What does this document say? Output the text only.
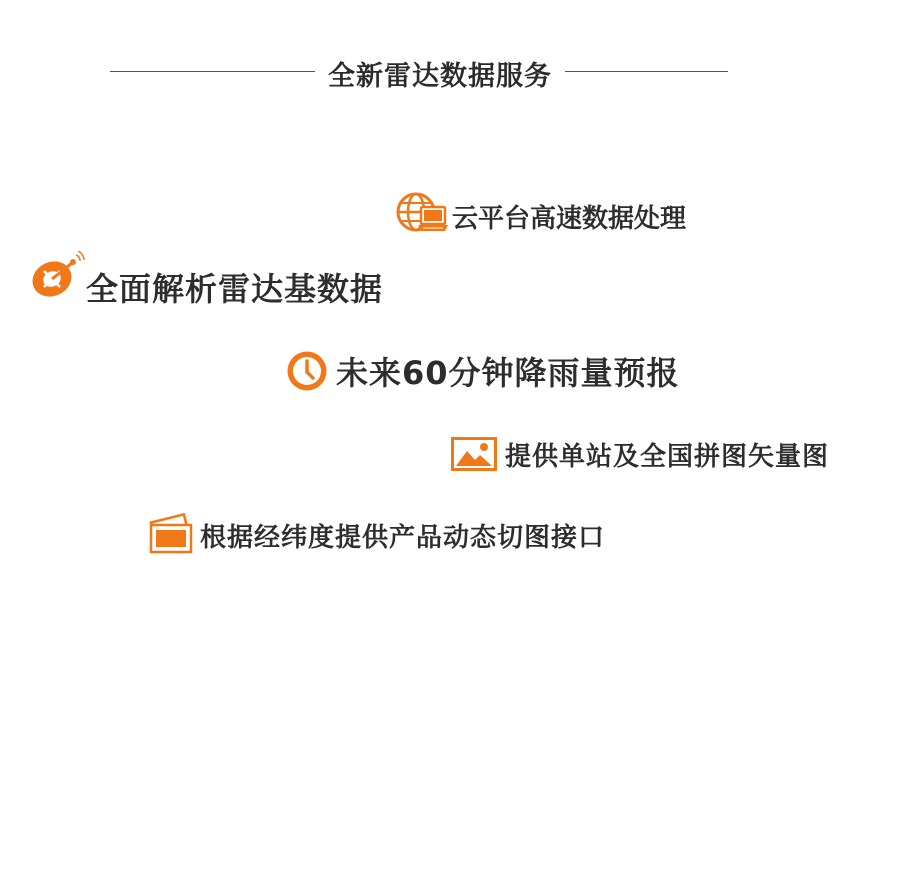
全新雷达数据服务
云平台高速数据处理
全面解析雷达基数据
未来60分钟降雨量预报
提供单站及全国拼图矢量图
根据经纬度提供产品动态切图接口
